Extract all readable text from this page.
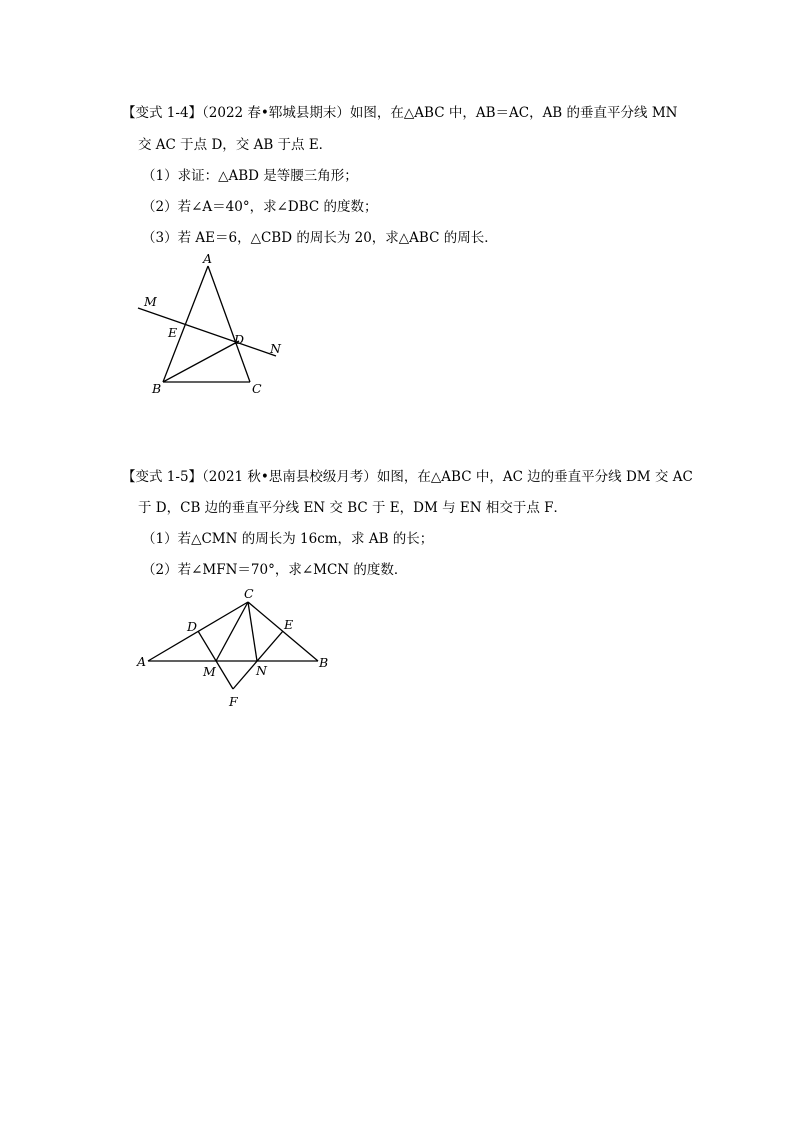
【变式 1-4】（2022 春•郓城县期末）如图，在△ABC 中，AB＝AC，AB 的垂直平分线 MN
交 AC 于点 D，交 AB 于点 E．
（1）求证：△ABD 是等腰三角形；
（2）若∠A＝40°，求∠DBC 的度数；
（3）若 AE＝6，△CBD 的周长为 20，求△ABC 的周长．
A
M
E	D
N
B	C
【变式 1-5】（2021 秋•思南县校级月考）如图，在△ABC 中，AC 边的垂直平分线 DM 交 AC
于 D，CB 边的垂直平分线 EN 交 BC 于 E，DM 与 EN 相交于点 F．
（1）若△CMN 的周长为 16cm，求 AB 的长；
（2）若∠MFN＝70°，求∠MCN 的度数．
C
D	E
A
M	N
B
F
